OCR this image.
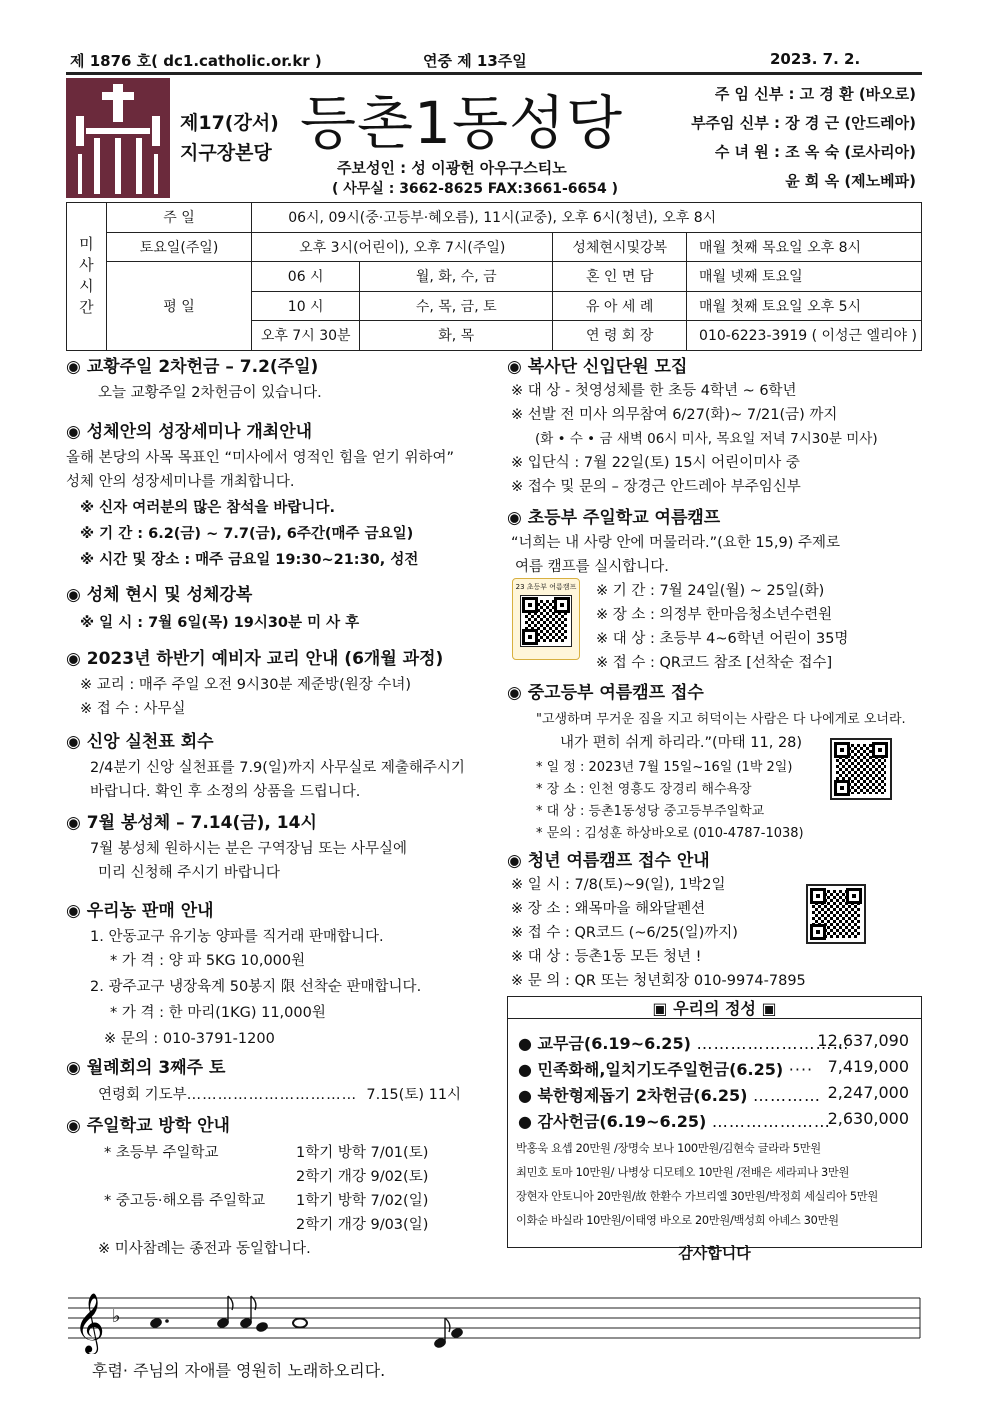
제 1876 호( dc1.catholic.or.kr )	연중 제 13주일	2023. 7. 2.
제17(강서)
지구장본당 등촌1동성당
주보성인 : 성 이광헌 아우구스티노
( 사무실 : 3662-8625 FAX:3661-6654 )
주 임 신부 : 고 경 환 (바오로)
부주임 신부 : 장 경 근 (안드레아)
수 녀 원 : 조 옥 숙 (로사리아)
윤 희 옥 (제노베파)
미
사
시
간	주 일	06시, 09시(중·고등부·혜오름), 11시(교중), 오후 6시(청년), 오후 8시			
	토요일(주일)	오후 3시(어린이), 오후 7시(주일)		성체현시및강복	매월 첫째 목요일 오후 8시
	평 일	06 시	월, 화, 수, 금	혼 인 면 담	매월 넷째 토요일
		10 시	수, 목, 금, 토	유 아 세 례	매월 첫째 토요일 오후 5시
		오후 7시 30분	화, 목	연 령 회 장	010-6223-3919 ( 이성근 엘리야 )
◉ 교황주일 2차헌금 – 7.2(주일)
오늘 교황주일 2차헌금이 있습니다.
◉ 성체안의 성장세미나 개최안내
올해 본당의 사목 목표인 “미사에서 영적인 힘을 얻기 위하여”
성체 안의 성장세미나를 개최합니다.
※ 신자 여러분의 많은 참석을 바랍니다.
※ 기 간 : 6.2(금) ~ 7.7(금), 6주간(매주 금요일)
※ 시간 및 장소 : 매주 금요일 19:30~21:30, 성전
◉ 성체 현시 및 성체강복
※ 일 시 : 7월 6일(목) 19시30분 미 사 후
◉ 2023년 하반기 예비자 교리 안내 (6개월 과정)
※ 교리 : 매주 주일 오전 9시30분 제준방(원장 수녀)
※ 접 수 : 사무실
◉ 신앙 실천표 회수
2/4분기 신앙 실천표를 7.9(일)까지 사무실로 제출해주시기
바랍니다. 확인 후 소정의 상품을 드립니다.
◉ 7월 봉성체 – 7.14(금), 14시
7월 봉성체 원하시는 분은 구역장님 또는 사무실에
미리 신청해 주시기 바랍니다
◉ 우리농 판매 안내
1. 안동교구 유기농 양파를 직거래 판매합니다.
* 가 격 : 양 파 5KG 10,000원
2. 광주교구 냉장육계 50봉지 限 선착순 판매합니다.
* 가 격 : 한 마리(1KG) 11,000원
※ 문의 : 010-3791-1200
◉ 월례회의 3째주 토
연령회 기도부…………………………… 7.15(토) 11시
◉ 주일학교 방학 안내
* 초등부 주일학교	1학기 방학 7/01(토)
2학기 개강 9/02(토)
* 중고등·해오름 주일학교 1학기 방학 7/02(일)
2학기 개강 9/03(일)
※ 미사참례는 종전과 동일합니다.
◉ 복사단 신입단원 모집
※ 대 상 - 첫영성체를 한 초등 4학년 ~ 6학년
※ 선발 전 미사 의무참여 6/27(화)~ 7/21(금) 까지
(화 • 수 • 금 새벽 06시 미사, 목요일 저녁 7시30분 미사)
※ 입단식 : 7월 22일(토) 15시 어린이미사 중
※ 접수 및 문의 – 장경근 안드레아 부주임신부
◉ 초등부 주일학교 여름캠프
“너희는 내 사랑 안에 머물러라.”(요한 15,9) 주제로
여름 캠프를 실시합니다.
23 초등부 여름캠프 ※ 기 간 : 7월 24일(월) ~ 25일(화)
※ 장 소 : 의정부 한마음청소년수련원
※ 대 상 : 초등부 4~6학년 어린이 35명
※ 접 수 : QR코드 참조 [선착순 접수]
◉ 중고등부 여름캠프 접수
"고생하며 무거운 짐을 지고 허덕이는 사람은 다 나에게로 오너라.
내가 편히 쉬게 하리라.”(마태 11, 28)
* 일 정 : 2023년 7월 15일~16일 (1박 2일)
* 장 소 : 인천 영흥도 장경리 해수욕장
* 대 상 : 등촌1동성당 중고등부주일학교
* 문의 : 김성훈 하상바오로 (010-4787-1038)
◉ 청년 여름캠프 접수 안내
※ 일 시 : 7/8(토)~9(일), 1박2일
※ 장 소 : 왜목마을 해와달펜션
※ 접 수 : QR코드 (~6/25(일)까지)
※ 대 상 : 등촌1동 모든 청년 !
※ 문 의 : QR 또는 청년회장 010-9974-7895
▣ 우리의 정성 ▣
● 교무금(6.19~6.25) ………………………
12,637,090
● 민족화해,일치기도주일헌금(6.25) ···· 7,419,000
● 북한형제돕기 2차헌금(6.25) ………… 2,247,000
● 감사헌금(6.19~6.25) …………………
2,630,000
박홍욱 요셉 20만원 /장명숙 보나 100만원/김현숙 글라라 5만원
최민호 토마 10만원/ 나병상 디모테오 10만원 /전배은 세라피나 3만원
장현자 안토니아 20만원/故 한환수 가브리엘 30만원/박정희 세실리아 5만원
이화순 바실라 10만원/이태영 바오로 20만원/백성희 아녜스 30만원
감사합니다
𝄞 ♭
후렴· 주님의 자애를 영원히 노래하오리다.
